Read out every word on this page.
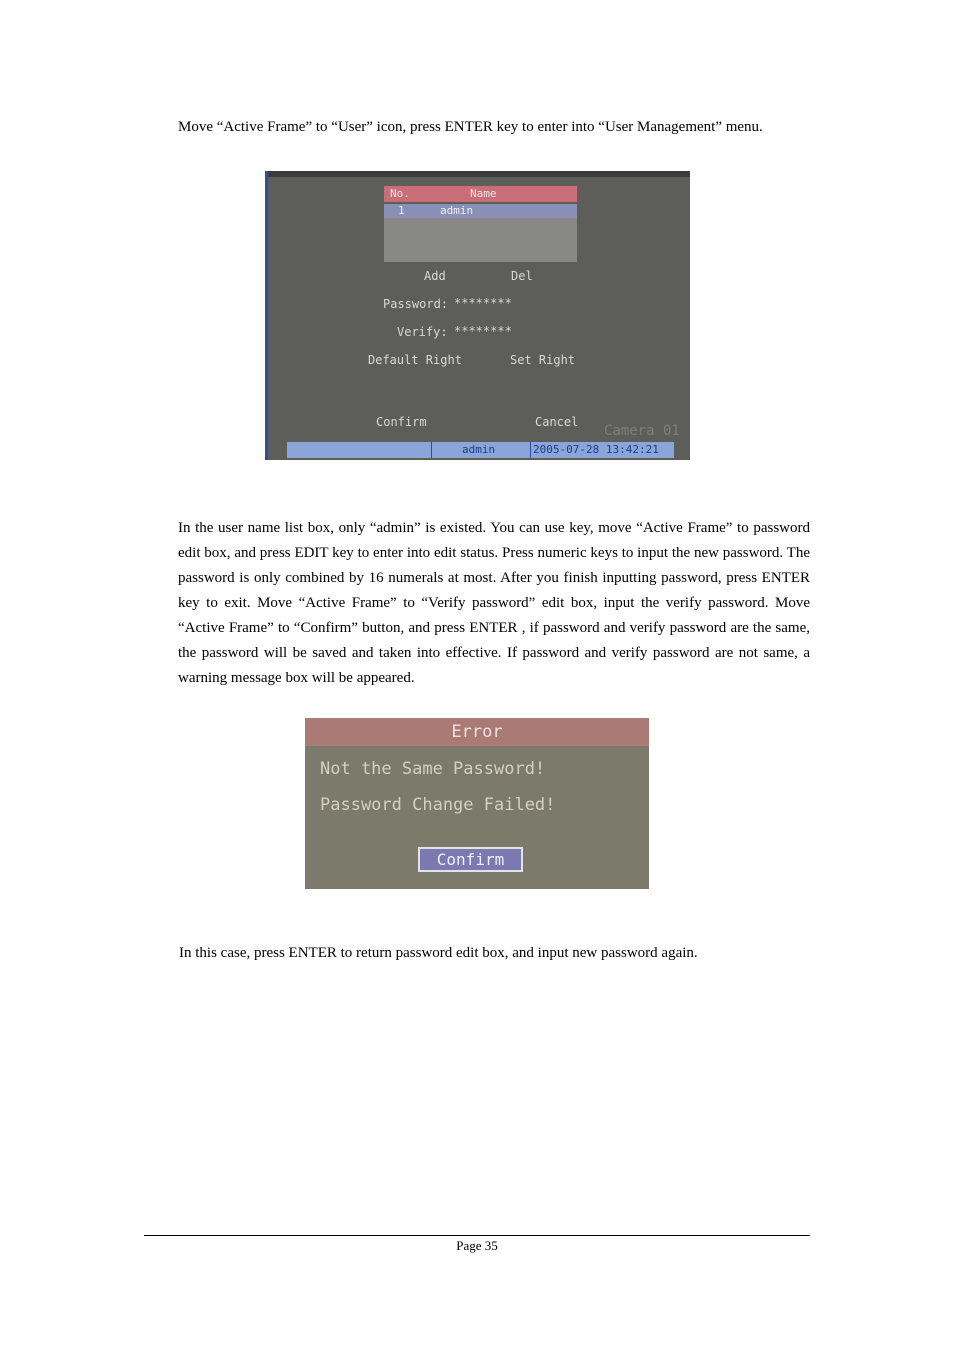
Move “Active Frame” to “User” icon, press ENTER key to enter into “User Management” menu.

No.	Name
1	admin
Add	Del
Password: ********
Verify: ********
Default Right	Set Right
Camera 01
Confirm	Cancel
admin	2005-07-28 13:42:21

In the user name list box, only “admin” is existed. You can use key, move “Active Frame” to password edit box, and press EDIT key to enter into edit status. Press numeric keys to input the new password. The password is only combined by 16 numerals at most. After you finish inputting password, press ENTER key to exit. Move “Active Frame” to “Verify password” edit box, input the verify password. Move “Active Frame” to “Confirm” button, and press ENTER , if password and verify password are the same, the password will be saved and taken into effective. If password and verify password are not same, a warning message box will be appeared.

Error
Not the Same Password!
Password Change Failed!
Confirm

In this case, press ENTER to return password edit box, and input new password again.

Page 35
